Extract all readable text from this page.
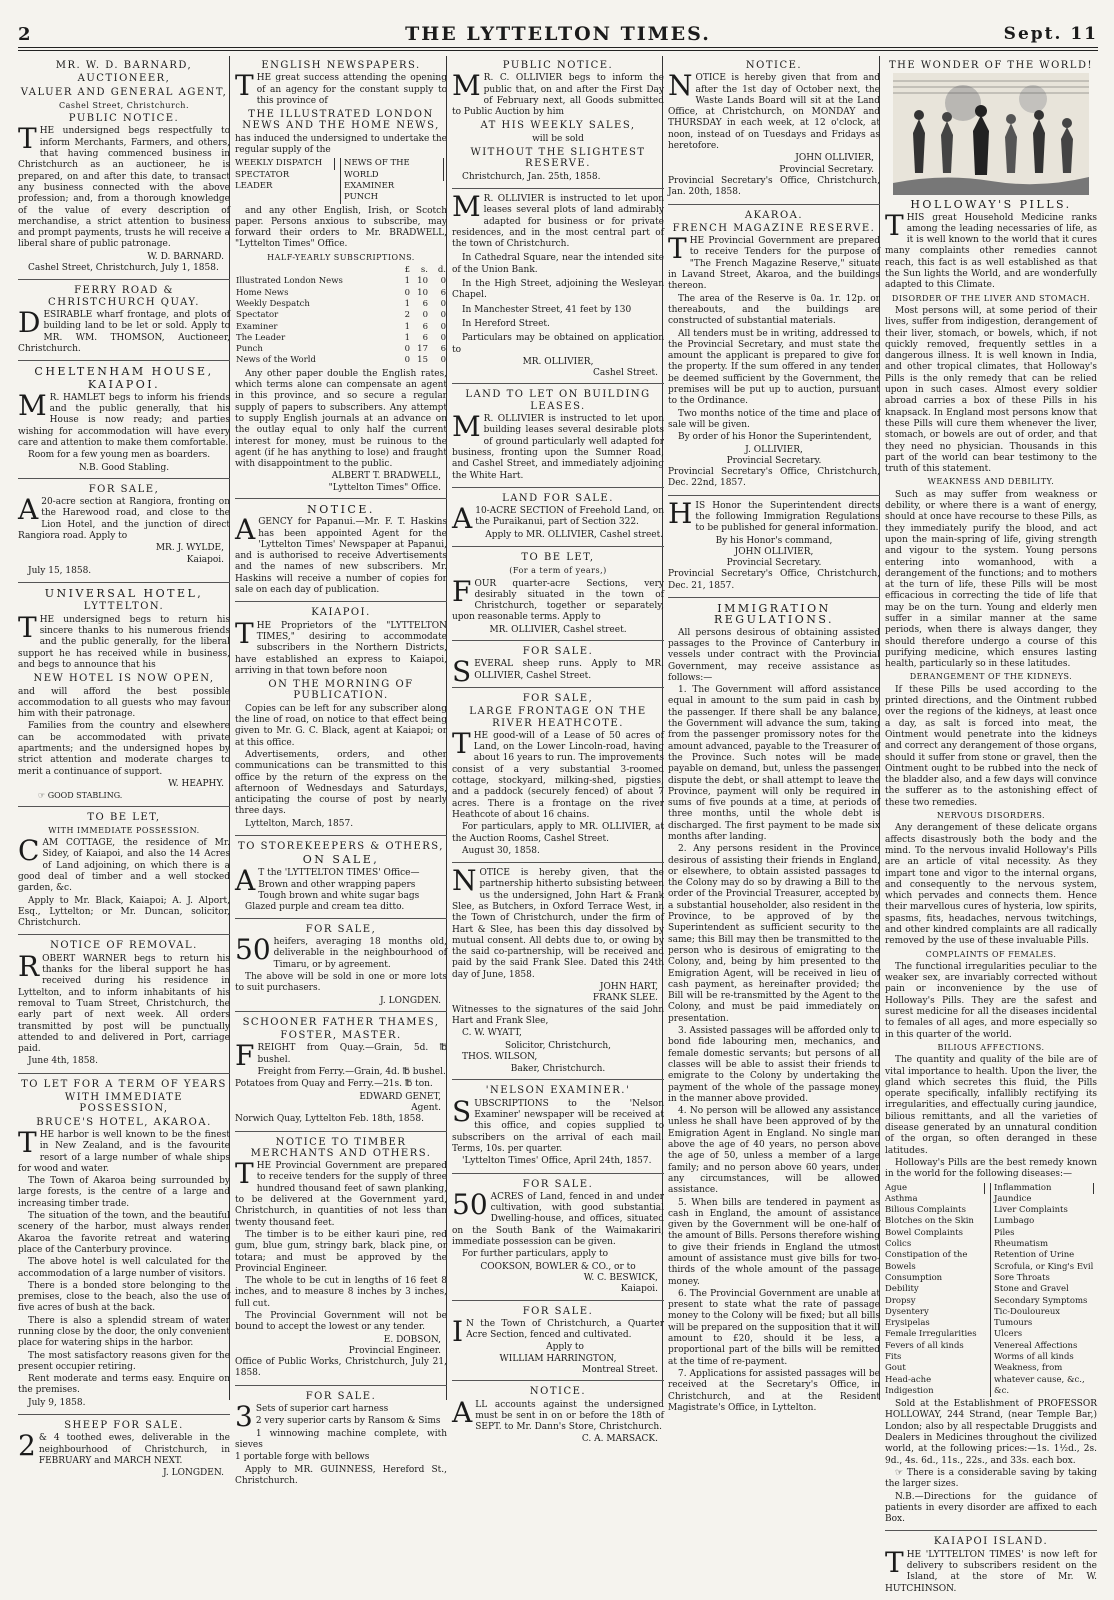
2	THE LYTTELTON TIMES.	Sept. 11
MR. W. D. BARNARD,
AUCTIONEER,
VALUER AND GENERAL AGENT,
Cashel Street, Christchurch.
PUBLIC NOTICE.

THE undersigned begs respectfully to inform Merchants, Farmers, and others, that having commenced business in Christchurch as an auctioneer, he is prepared, on and after this date, to transact any business connected with the above profession; and, from a thorough knowledge of the value of every description of merchandise, a strict attention to business and prompt payments, trusts he will receive a liberal share of public patronage.

W. D. BARNARD.

Cashel Street, Christchurch, July 1, 1858.

FERRY ROAD & CHRISTCHURCH QUAY.

DESIRABLE wharf frontage, and plots of building land to be let or sold. Apply to MR. WM. THOMSON, Auctioneer, Christchurch.

CHELTENHAM HOUSE,
KAIAPOI.

M R. HAMLET begs to inform his friends and the public generally, that his House is now ready; and parties wishing for accommodation will have every care and attention to make them comfortable.

Room for a few young men as boarders.

N.B. Good Stabling.
FOR SALE,

A 20-acre section at Rangiora, fronting on the Harewood road, and close to the Lion Hotel, and the junction of direct Rangiora road. Apply to

MR. J. WYLDE,
Kaiapoi.

July 15, 1858.

UNIVERSAL HOTEL,
LYTTELTON.

THE undersigned begs to return his sincere thanks to his numerous friends and the public generally, for the liberal support he has received while in business, and begs to announce that his

NEW HOTEL IS NOW OPEN,

and will afford the best possible accommodation to all guests who may favour him with their patronage.

Families from the country and elsewhere can be accommodated with private apartments; and the undersigned hopes by strict attention and moderate charges to merit a continuance of support.

W. HEAPHY.
☞ GOOD STABLING.
TO BE LET,
WITH IMMEDIATE POSSESSION.

CAM COTTAGE, the residence of Mr. Sidey, of Kaiapoi, and also the 14 Acres of Land adjoining, on which there is a good deal of timber and a well stocked garden, &c.

Apply to Mr. Black, Kaiapoi; A. J. Alport, Esq., Lyttelton; or Mr. Duncan, solicitor, Christchurch.

NOTICE OF REMOVAL.

ROBERT WARNER begs to return his thanks for the liberal support he has received during his residence in Lyttelton, and to inform inhabitants of his removal to Tuam Street, Christchurch, the early part of next week. All orders transmitted by post will be punctually attended to and delivered in Port, carriage paid.

June 4th, 1858.

TO LET FOR A TERM OF YEARS
WITH IMMEDIATE POSSESSION,
BRUCE'S HOTEL, AKAROA.

THE harbor is well known to be the finest in New Zealand, and is the favourite resort of a large number of whale ships for wood and water.

The Town of Akaroa being surrounded by large forests, is the centre of a large and increasing timber trade.

The situation of the town, and the beautiful scenery of the harbor, must always render Akaroa the favorite retreat and watering place of the Canterbury province.

The above hotel is well calculated for the accommodation of a large number of visitors.

There is a bonded store belonging to the premises, close to the beach, also the use of five acres of bush at the back.

There is also a splendid stream of water running close by the door, the only convenient place for watering ships in the harbor.

The most satisfactory reasons given for the present occupier retiring.

Rent moderate and terms easy. Enquire on the premises.

July 9, 1858.

SHEEP FOR SALE.

2 & 4 toothed ewes, deliverable in the neighbourhood of Christchurch, in FEBRUARY and MARCH NEXT.

J. LONGDEN.
ENGLISH NEWSPAPERS.

THE great success attending the opening of an agency for the constant supply to this province of

THE ILLUSTRATED LONDON NEWS AND THE HOME NEWS,

has induced the undersigned to undertake the regular supply of the

WEEKLY DISPATCH
SPECTATOR
LEADER
NEWS OF THE WORLD
EXAMINER
PUNCH

and any other English, Irish, or Scotch paper. Persons anxious to subscribe, may forward their orders to Mr. BRADWELL, "Lyttelton Times" Office.

HALF-YEARLY SUBSCRIPTIONS.
	£	s.	d.
Illustrated London News	1	10	0
Home News	0	10	6
Weekly Despatch	1	6	0
Spectator	2	0	0
Examiner	1	6	0
The Leader	1	6	0
Punch	0	17	6
News of the World	0	15	0

Any other paper double the English rates, which terms alone can compensate an agent in this province, and so secure a regular supply of papers to subscribers. Any attempt to supply English journals at an advance on the outlay equal to only half the current interest for money, must be ruinous to the agent (if he has anything to lose) and fraught with disappointment to the public.

ALBERT T. BRADWELL,
"Lyttelton Times" Office.
NOTICE.

AGENCY for Papanui.—Mr. F. T. Haskins has been appointed Agent for the 'Lyttelton Times' Newspaper at Papanui, and is authorised to receive Advertisements and the names of new subscribers. Mr. Haskins will receive a number of copies for sale on each day of publication.

KAIAPOI.

THE Proprietors of the "LYTTELTON TIMES," desiring to accommodate subscribers in the Northern Districts, have established an express to Kaiapoi, arriving in that town before noon

ON THE MORNING OF PUBLICATION.

Copies can be left for any subscriber along the line of road, on notice to that effect being given to Mr. G. C. Black, agent at Kaiapoi; or at this office.

Advertisements, orders, and other communications can be transmitted to this office by the return of the express on the afternoon of Wednesdays and Saturdays, anticipating the course of post by nearly three days.

Lyttelton, March, 1857.

TO STOREKEEPERS & OTHERS,
ON SALE,

A T the 'LYTTELTON TIMES' Office—

Brown and other wrapping papers
Tough brown and white sugar bags
Glazed purple and cream tea ditto.
FOR SALE,

50 heifers, averaging 18 months old, deliverable in the neighbourhood of Timaru, or by agreement.

The above will be sold in one or more lots to suit purchasers.

J. LONGDEN.
SCHOONER FATHER THAMES,
FOSTER, MASTER.

FREIGHT from Quay.—Grain, 5d. ℔ bushel.

Freight from Ferry.—Grain, 4d. ℔ bushel.

Potatoes from Quay and Ferry.—21s. ℔ ton.

EDWARD GENET,
Agent.

Norwich Quay, Lyttelton Feb. 18th, 1858.

NOTICE TO TIMBER MERCHANTS AND OTHERS.

THE Provincial Government are prepared to receive tenders for the supply of three hundred thousand feet of sawn planking, to be delivered at the Government yard, Christchurch, in quantities of not less than twenty thousand feet.

The timber is to be either kauri pine, red gum, blue gum, stringy bark, black pine, or totara; and must be approved by the Provincial Engineer.

The whole to be cut in lengths of 16 feet 8 inches, and to measure 8 inches by 3 inches, full cut.

The Provincial Government will not be bound to accept the lowest or any tender.

E. DOBSON,
Provincial Engineer.

Office of Public Works, Christchurch, July 21, 1858.

FOR SALE.

3 Sets of superior cart harness

2 very superior carts by Ransom & Sims

1 winnowing machine complete, with sieves

1 portable forge with bellows

Apply to MR. GUINNESS, Hereford St., Christchurch.

PUBLIC NOTICE.

M R. C. OLLIVIER begs to inform the public that, on and after the First Day of February next, all Goods submitted to Public Auction by him

AT HIS WEEKLY SALES,
will be sold
WITHOUT THE SLIGHTEST RESERVE.

Christchurch, Jan. 25th, 1858.

M R. OLLIVIER is instructed to let upon leases several plots of land admirably adapted for business or for private residences, and in the most central part of the town of Christchurch.

In Cathedral Square, near the intended site of the Union Bank.

In the High Street, adjoining the Wesleyan Chapel.

In Manchester Street, 41 feet by 130

In Hereford Street.

Particulars may be obtained on application to

MR. OLLIVIER,
Cashel Street.
LAND TO LET ON BUILDING LEASES.

M R. OLLIVIER is instructed to let upon building leases several desirable plots of ground particularly well adapted for business, fronting upon the Sumner Road, and Cashel Street, and immediately adjoining the White Hart.

LAND FOR SALE.

A 10-ACRE SECTION of Freehold Land, on the Puraikanui, part of Section 322.

Apply to MR. OLLIVIER, Cashel street.

TO BE LET,
(For a term of years,)

FOUR quarter-acre Sections, very desirably situated in the town of Christchurch, together or separately, upon reasonable terms. Apply to

MR. OLLIVIER, Cashel street.
FOR SALE.

SEVERAL sheep runs. Apply to MR. OLLIVIER, Cashel Street.

FOR SALE,
LARGE FRONTAGE ON THE RIVER HEATHCOTE.

THE good-will of a Lease of 50 acres of Land, on the Lower Lincoln-road, having about 16 years to run. The improvements consist of a very substantial 3-roomed cottage, stockyard, milking-shed, pigsties, and a paddock (securely fenced) of about 7 acres. There is a frontage on the river Heathcote of about 16 chains.

For particulars, apply to MR. OLLIVIER, at the Auction Rooms, Cashel Street.

August 30, 1858.

NOTICE is hereby given, that the partnership hitherto subsisting between us the undersigned, John Hart & Frank Slee, as Butchers, in Oxford Terrace West, in the Town of Christchurch, under the firm of Hart & Slee, has been this day dissolved by mutual consent. All debts due to, or owing by the said co-partnership, will be received and paid by the said Frank Slee. Dated this 24th day of June, 1858.

JOHN HART,
FRANK SLEE.

Witnesses to the signatures of the said John Hart and Frank Slee,

C. W. WYATT,

Solicitor, Christchurch,

THOS. WILSON,

Baker, Christchurch.
'NELSON EXAMINER.'

SUBSCRIPTIONS to the 'Nelson Examiner' newspaper will be received at this office, and copies supplied to subscribers on the arrival of each mail. Terms, 10s. per quarter.

'Lyttelton Times' Office, April 24th, 1857.

FOR SALE.

50 ACRES of Land, fenced in and under cultivation, with good substantial Dwelling-house, and offices, situated on the South Bank of the Waimakariri, immediate possession can be given.

For further particulars, apply to

COOKSON, BOWLER & CO., or to
W. C. BESWICK,
Kaiapoi.
FOR SALE.

I N the Town of Christchurch, a Quarter Acre Section, fenced and cultivated.

Apply to
WILLIAM HARRINGTON,
Montreal Street.
NOTICE.

ALL accounts against the undersigned must be sent in on or before the 18th of SEPT. to Mr. Dann's Store, Christchurch.

C. A. MARSACK.
NOTICE.

NOTICE is hereby given that from and after the 1st day of October next, the Waste Lands Board will sit at the Land Office, at Christchurch, on MONDAY and THURSDAY in each week, at 12 o'clock, at noon, instead of on Tuesdays and Fridays as heretofore.

JOHN OLLIVIER,
Provincial Secretary.

Provincial Secretary's Office, Christchurch, Jan. 20th, 1858.

AKAROA.
FRENCH MAGAZINE RESERVE.

THE Provincial Government are prepared to receive Tenders for the purpose of "The French Magazine Reserve," situate in Lavand Street, Akaroa, and the buildings thereon.

The area of the Reserve is 0a. 1r. 12p. or thereabouts, and the buildings are constructed of substantial materials.

All tenders must be in writing, addressed to the Provincial Secretary, and must state the amount the applicant is prepared to give for the property. If the sum offered in any tender be deemed sufficient by the Government, the premises will be put up to auction, pursuant to the Ordinance.

Two months notice of the time and place of sale will be given.

By order of his Honor the Superintendent,

J. OLLIVIER,
Provincial Secretary.

Provincial Secretary's Office, Christchurch, Dec. 22nd, 1857.

HIS Honor the Superintendent directs the following Immigration Regulations to be published for general information.

By his Honor's command,
JOHN OLLIVIER,
Provincial Secretary.

Provincial Secretary's Office, Christchurch, Dec. 21, 1857.

IMMIGRATION REGULATIONS.

All persons desirous of obtaining assisted passages to the Province of Canterbury in vessels under contract with the Provincial Government, may receive assistance as follows:—

1. The Government will afford assistance equal in amount to the sum paid in cash by the passenger. If there shall be any balance, the Government will advance the sum, taking from the passenger promissory notes for the amount advanced, payable to the Treasurer of the Province. Such notes will be made payable on demand, but, unless the passenger dispute the debt, or shall attempt to leave the Province, payment will only be required in sums of five pounds at a time, at periods of three months, until the whole debt is discharged. The first payment to be made six months after landing.

2. Any persons resident in the Province desirous of assisting their friends in England, or elsewhere, to obtain assisted passages to the Colony may do so by drawing a Bill to the order of the Provincial Treasurer, accepted by a substantial householder, also resident in the Province, to be approved of by the Superintendent as sufficient security to the same; this Bill may then be transmitted to the person who is desirous of emigrating to the Colony, and, being by him presented to the Emigration Agent, will be received in lieu of cash payment, as hereinafter provided; the Bill will be re-transmitted by the Agent to the Colony, and must be paid immediately on presentation.

3. Assisted passages will be afforded only to bond fide labouring men, mechanics, and female domestic servants; but persons of all classes will be able to assist their friends to emigrate to the Colony by undertaking the payment of the whole of the passage money in the manner above provided.

4. No person will be allowed any assistance unless he shall have been approved of by the Emigration Agent in England. No single man above the age of 40 years, no person above the age of 50, unless a member of a large family; and no person above 60 years, under any circumstances, will be allowed assistance.

5. When bills are tendered in payment as cash in England, the amount of assistance given by the Government will be one-half of the amount of Bills. Persons therefore wishing to give their friends in England the utmost amount of assistance must give bills for two-thirds of the whole amount of the passage money.

6. The Provincial Government are unable at present to state what the rate of passage money to the Colony will be fixed; but all bills will be prepared on the supposition that it will amount to £20, should it be less, a proportional part of the bills will be remitted at the time of re-payment.

7. Applications for assisted passages will be received at the Secretary's Office, in Christchurch, and at the Resident Magistrate's Office, in Lyttelton.

THE WONDER OF THE WORLD!
HOLLOWAY'S PILLS.

THIS great Household Medicine ranks among the leading necessaries of life, as it is well known to the world that it cures many complaints other remedies cannot reach, this fact is as well established as that the Sun lights the World, and are wonderfully adapted to this Climate.

DISORDER OF THE LIVER AND STOMACH.

Most persons will, at some period of their lives, suffer from indigestion, derangement of their liver, stomach, or bowels, which, if not quickly removed, frequently settles in a dangerous illness. It is well known in India, and other tropical climates, that Holloway's Pills is the only remedy that can be relied upon in such cases. Almost every soldier abroad carries a box of these Pills in his knapsack. In England most persons know that these Pills will cure them whenever the liver, stomach, or bowels are out of order, and that they need no physician. Thousands in this part of the world can bear testimony to the truth of this statement.

WEAKNESS AND DEBILITY.

Such as may suffer from weakness or debility, or where there is a want of energy, should at once have recourse to these Pills, as they immediately purify the blood, and act upon the main-spring of life, giving strength and vigour to the system. Young persons entering into womanhood, with a derangement of the functions; and to mothers at the turn of life, these Pills will be most efficacious in correcting the tide of life that may be on the turn. Young and elderly men suffer in a similar manner at the same periods, when there is always danger, they should therefore undergo a course of this purifying medicine, which ensures lasting health, particularly so in these latitudes.

DERANGEMENT OF THE KIDNEYS.

If these Pills be used according to the printed directions, and the Ointment rubbed over the regions of the kidneys, at least once a day, as salt is forced into meat, the Ointment would penetrate into the kidneys and correct any derangement of those organs, should it suffer from stone or gravel, then the Ointment ought to be rubbed into the neck of the bladder also, and a few days will convince the sufferer as to the astonishing effect of these two remedies.

NERVOUS DISORDERS.

Any derangement of these delicate organs affects disastrously both the body and the mind. To the nervous invalid Holloway's Pills are an article of vital necessity. As they impart tone and vigor to the internal organs, and consequently to the nervous system, which pervades and connects them. Hence their marvellous cures of hysteria, low spirits, spasms, fits, headaches, nervous twitchings, and other kindred complaints are all radically removed by the use of these invaluable Pills.

COMPLAINTS OF FEMALES.

The functional irregularities peculiar to the weaker sex, are invariably corrected without pain or inconvenience by the use of Holloway's Pills. They are the safest and surest medicine for all the diseases incidental to females of all ages, and more especially so in this quarter of the world.

BILIOUS AFFECTIONS.

The quantity and quality of the bile are of vital importance to health. Upon the liver, the gland which secretes this fluid, the Pills operate specifically, infallibly rectifying its irregularities, and effectually curing jaundice, bilious remittants, and all the varieties of disease generated by an unnatural condition of the organ, so often deranged in these latitudes.

Holloway's Pills are the best remedy known in the world for the following diseases:—

Ague
Asthma
Bilious Complaints
Blotches on the Skin
Bowel Complaints
Colics
Constipation of the Bowels
Consumption
Debility
Dropsy
Dysentery
Erysipelas
Female Irregularities
Fevers of all kinds
Fits
Gout
Head-ache
Indigestion
Inflammation
Jaundice
Liver Complaints
Lumbago
Piles
Rheumatism
Retention of Urine
Scrofula, or King's Evil
Sore Throats
Stone and Gravel
Secondary Symptoms
Tic-Douloureux
Tumours
Ulcers
Venereal Affections
Worms of all kinds
Weakness, from whatever cause, &c., &c.

Sold at the Establishment of PROFESSOR HOLLOWAY, 244 Strand, (near Temple Bar,) London; also by all respectable Druggists and Dealers in Medicines throughout the civilized world, at the following prices:—1s. 1½d., 2s. 9d., 4s. 6d., 11s., 22s., and 33s. each box.

☞ There is a considerable saving by taking the larger sizes.

N.B.—Directions for the guidance of patients in every disorder are affixed to each Box.

KAIAPOI ISLAND.

THE 'LYTTELTON TIMES' is now left for delivery to subscribers resident on the Island, at the store of Mr. W. HUTCHINSON.
